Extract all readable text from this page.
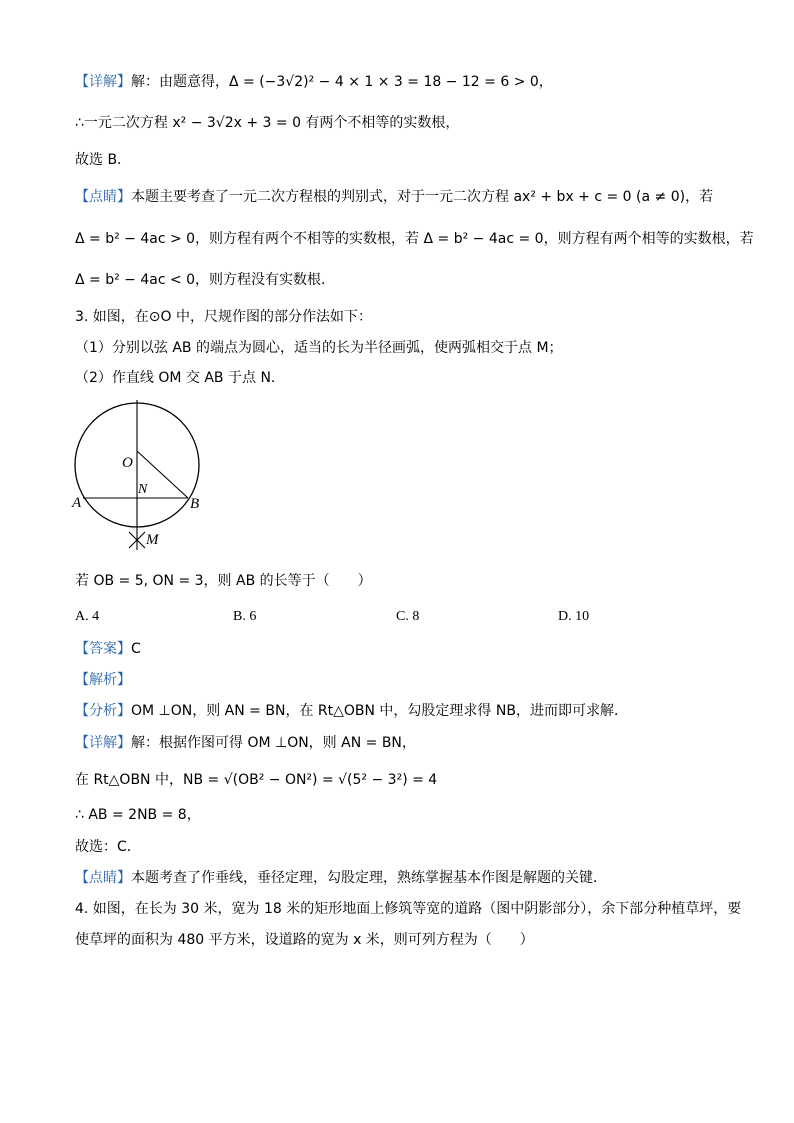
【详解】解：由题意得，Δ = (−3√2)² − 4 × 1 × 3 = 18 − 12 = 6 > 0，
∴一元二次方程 x² − 3√2x + 3 = 0 有两个不相等的实数根，
故选 B．
【点睛】本题主要考查了一元二次方程根的判别式，对于一元二次方程 ax² + bx + c = 0 (a ≠ 0)，若
Δ = b² − 4ac > 0，则方程有两个不相等的实数根，若 Δ = b² − 4ac = 0，则方程有两个相等的实数根，若
Δ = b² − 4ac < 0，则方程没有实数根．
3. 如图，在⊙O 中，尺规作图的部分作法如下：
（1）分别以弦 AB 的端点为圆心，适当的长为半径画弧，使两弧相交于点 M；
（2）作直线 OM 交 AB 于点 N．
O
N
A	B
M
若 OB = 5, ON = 3，则 AB 的长等于（　　）
A. 4	B. 6	C. 8	D. 10
【答案】C
【解析】
【分析】OM ⊥ON，则 AN = BN，在 Rt△OBN 中，勾股定理求得 NB，进而即可求解．
【详解】解：根据作图可得 OM ⊥ON，则 AN = BN，
在 Rt△OBN 中，NB = √(OB² − ON²) = √(5² − 3²) = 4
∴ AB = 2NB = 8，
故选：C．
【点睛】本题考查了作垂线，垂径定理，勾股定理，熟练掌握基本作图是解题的关键．
4. 如图，在长为 30 米，宽为 18 米的矩形地面上修筑等宽的道路（图中阴影部分），余下部分种植草坪，要
使草坪的面积为 480 平方米，设道路的宽为 x 米，则可列方程为（　　）
